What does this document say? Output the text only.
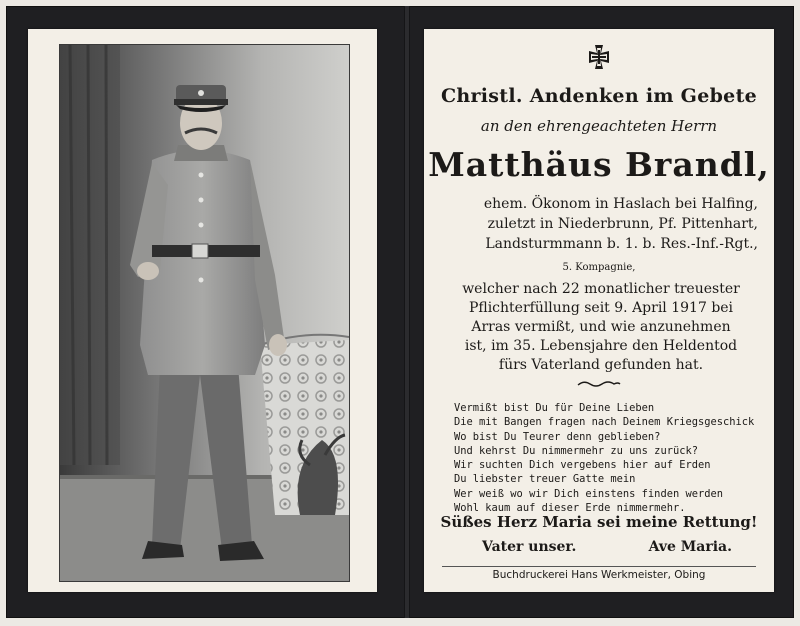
Christl. Andenken im Gebete
an den ehrengeachteten Herrn
Matthäus Brandl,
ehem. Ökonom in Haslach bei Halfing,
zuletzt in Niederbrunn, Pf. Pittenhart,
Landsturmmann b. 1. b. Res.-Inf.-Rgt.,
5. Kompagnie,
welcher nach 22 monatlicher treuester
Pflichterfüllung seit 9. April 1917 bei
Arras vermißt, und wie anzunehmen
ist, im 35. Lebensjahre den Heldentod
fürs Vaterland gefunden hat.
Vermißt bist Du für Deine Lieben
Die mit Bangen fragen nach Deinem Kriegsgeschick
Wo bist Du Teurer denn geblieben?
Und kehrst Du nimmermehr zu uns zurück?
Wir suchten Dich vergebens hier auf Erden
Du liebster treuer Gatte mein
Wer weiß wo wir Dich einstens finden werden
Wohl kaum auf dieser Erde nimmermehr.
Süßes Herz Maria sei meine Rettung!
Vater unser.	Ave Maria.
Buchdruckerei Hans Werkmeister, Obing
